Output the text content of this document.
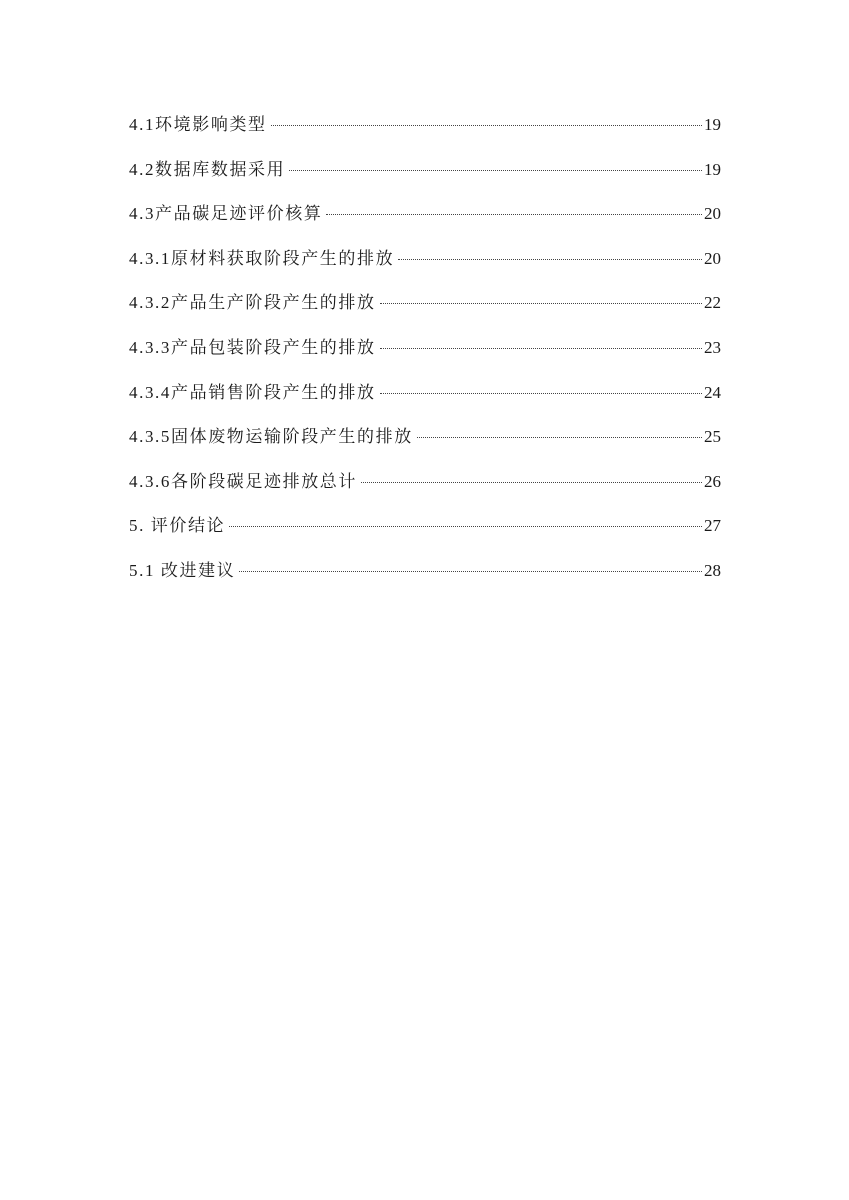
4.1环境影响类型	19
4.2数据库数据采用	19
4.3产品碳足迹评价核算	20
4.3.1原材料获取阶段产生的排放	20
4.3.2产品生产阶段产生的排放	22
4.3.3产品包装阶段产生的排放	23
4.3.4产品销售阶段产生的排放	24
4.3.5固体废物运输阶段产生的排放	25
4.3.6各阶段碳足迹排放总计	26
5. 评价结论	27
5.1 改进建议	28
